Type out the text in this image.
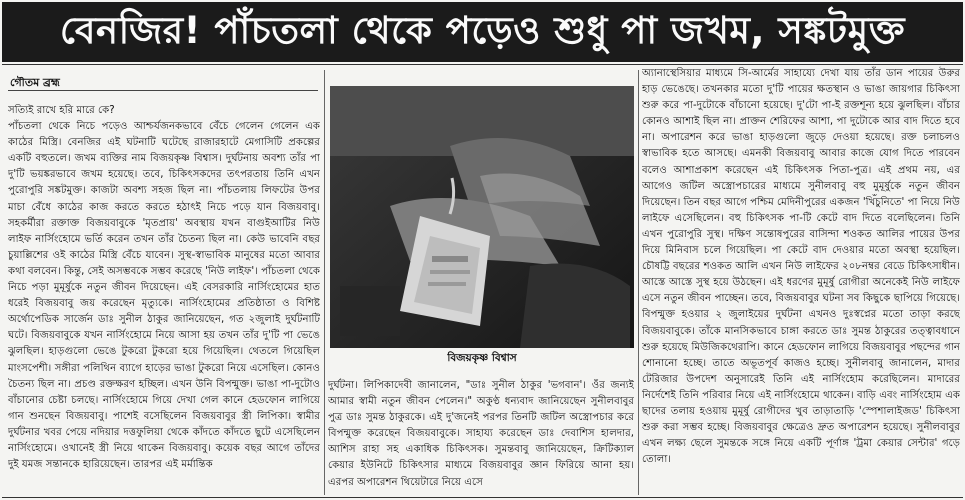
বেনজির! পাঁচতলা থেকে পড়েও শুধু পা জখম, সঙ্কটমুক্ত
গৌতম ব্রহ্ম

সত্যিই রাখে হরি মারে কে?

পাঁচতলা থেকে নিচে পড়েও আশ্চর্যজনকভাবে বেঁচে গেলেন গেলেন এক কাঠের মিস্ত্রি। বেনজির এই ঘটনাটি ঘটেছে রাজারহাটে মেগাসিটি প্রকল্পের একটি বহুতলে। জখম ব্যক্তির নাম বিজয়কৃষ্ণ বিশ্বাস। দুর্ঘটনায় অবশ্য তাঁর পা দু'টি ভয়ঙ্করভাবে জখম হয়েছে। তবে, চিকিৎসকদের তৎপরতায় তিনি এখন পুরোপুরি সঙ্কটমুক্ত। কাজটা অবশ্য সহজ ছিল না। পাঁচতলায় লিফটের উপর মাচা বেঁধে কাঠের কাজ করতে করতে হঠাৎই নিচে পড়ে যান বিজয়বাবু। সহকর্মীরা রক্তাক্ত বিজয়বাবুকে 'মৃতপ্রায়' অবস্থায় যখন বাগুইআটির নিউ লাইফ নার্সিংহোমে ভর্তি করেন তখন তাঁর চৈতন্য ছিল না। কেউ ভাবেনি বছর চুয়াল্লিশের ওই কাঠের মিস্ত্রি বেঁচে যাবেন। সুস্থ-স্বাভাবিক মানুষের মতো আবার কথা বলবেন। কিন্তু, সেই অসম্ভবকে সম্ভব করেছে 'নিউ লাইফ'। পাঁচতলা থেকে নিচে পড়া মুমূর্ষুকে নতুন জীবন দিয়েছেন। এই বেসরকারি নার্সিংহোমের হাত ধরেই বিজয়বাবু জয় করেছেন মৃত্যুকে। নার্সিংহোমের প্রতিষ্ঠাতা ও বিশিষ্ট অর্থোপেডিক সার্জেন ডাঃ সুনীল ঠাকুর জানিয়েছেন, গত ২জুলাই দুর্ঘটনাটি ঘটে। বিজয়বাবুকে যখন নার্সিংহোমে নিয়ে আসা হয় তখন তাঁর দু'টি পা ভেঙে ঝুলছিল। হাড়গুলো ভেঙে টুকরো টুকরো হয়ে গিয়েছিল। থেতলে গিয়েছিল মাংসপেশী। সঙ্গীরা পলিথিন ব্যাগে হাড়ের ভাঙা টুকরো নিয়ে এসেছিল। কোনও চৈতন্য ছিল না। প্রচণ্ড রক্তক্ষরণ হচ্ছিল। এখন উনি বিপন্মুক্ত। ভাঙা পা-দুটোও বাঁচানোর চেষ্টা চলছে। নার্সিংহোমে গিয়ে দেখা গেল কানে হেডফোন লাগিয়ে গান শুনছেন বিজয়বাবু। পাশেই বসেছিলেন বিজয়বাবুর স্ত্রী লিপিকা। স্বামীর দুর্ঘটনার খবর পেয়ে নদিয়ার দত্তফুলিয়া থেকে কাঁদতে কাঁদতে ছুটে এসেছিলেন নার্সিংহোমে। ওখানেই স্ত্রী নিয়ে থাকেন বিজয়বাবু। কয়েক বছর আগে তাঁদের দুই যমজ সন্তানকে হারিয়েছেন। তারপর এই মর্মান্তিক

বিজয়কৃষ্ণ বিশ্বাস

দুর্ঘটনা। লিপিকাদেবী জানালেন, "ডাঃ সুনীল ঠাকুর 'ভগবান'। ওঁর জন্যই আমার স্বামী নতুন জীবন পেলেন।" অকুণ্ঠ ধন্যবাদ জানিয়েছেন সুনীলবাবুর পুত্র ডাঃ সুমন্ত ঠাকুরকে। এই দু'জনেই পরপর তিনটি জটিল অস্ত্রোপচার করে বিপন্মুক্ত করেছেন বিজয়বাবুকে। সাহায্য করেছেন ডাঃ দেবাশিস হালদার, আশিস রাহা সহ একাধিক চিকিৎসক। সুমন্তবাবু জানিয়েছেন, ক্রিটিক্যাল কেয়ার ইউনিটে চিকিৎসার মাধ্যমে বিজয়বাবুর জ্ঞান ফিরিয়ে আনা হয়। এরপর অপারেশন থিয়েটারে নিয়ে এসে

অ্যানাস্থেসিয়ার মাধ্যমে সি-আর্মের সাহায্যে দেখা যায় তাঁর ডান পায়ের উরুর হাড় ভেঙেছে। তখনকার মতো দু'টি পায়ের ক্ষতস্থান ও ভাঙা জায়গার চিকিৎসা শুরু করে পা-দুটোকে বাঁচানো হয়েছে। দু'টো পা-ই রক্তশূন্য হয়ে ঝুলছিল। বাঁচার কোনও আশাই ছিল না। প্রাক্তন শেরিফের আশা, পা দুটোকে আর বাদ দিতে হবে না। অপারেশন করে ভাঙা হাড়গুলো জুড়ে দেওয়া হয়েছে। রক্ত চলাচলও স্বাভাবিক হতে আসছে। এমনকী বিজয়বাবু আবার কাজে যোগ দিতে পারবেন বলেও আশাপ্রকাশ করেছেন এই চিকিৎসক পিতা-পুত্র। এই প্রথম নয়, এর আগেও জটিল অস্ত্রোপচারের মাধ্যমে সুনীলবাবু বহু মুমূর্ষুকে নতুন জীবন দিয়েছেন। তিন বছর আগে পশ্চিম মেদিনীপুরের একজন 'খিঁচুনিতে' পা নিয়ে নিউ লাইফে এসেছিলেন। বহু চিকিৎসক পা-টি কেটে বাদ দিতে বলেছিলেন। তিনি এখন পুরোপুরি সুস্থ। দক্ষিণ সন্তোষপুরের বাসিন্দা শওকত আলির পায়ের উপর দিয়ে মিনিবাস চলে গিয়েছিল। পা কেটে বাদ দেওয়ার মতো অবস্থা হয়েছিল। চৌষট্টি বছরের শওকত আলি এখন নিউ লাইফের ২০৮নম্বর বেডে চিকিৎসাধীন। আস্তে আস্তে সুস্থ হয়ে উঠছেন। এই ধরণের মুমূর্ষু রোগীরা অনেকেই নিউ লাইফে এসে নতুন জীবন পাচ্ছেন। তবে, বিজয়বাবুর ঘটনা সব কিছুকে ছাপিয়ে গিয়েছে। বিপন্মুক্ত হওয়ার ২ জুলাইয়ের দুর্ঘটনা এখনও দুঃস্বপ্নের মতো তাড়া করছে বিজয়বাবুকে। তাঁকে মানসিকভাবে চাঙ্গা করতে ডাঃ সুমন্ত ঠাকুরের তত্ত্বাবধানে শুরু হয়েছে মিউজিকথেরাপি। কানে হেডফোন লাগিয়ে বিজয়বাবুর পছন্দের গান শোনানো হচ্ছে। তাতে অভূতপূর্ব কাজও হচ্ছে। সুনীলবাবু জানালেন, মাদার টেরিজার উপদেশ অনুসারেই তিনি এই নার্সিংহোম করেছিলেন। মাদারের নির্দেশেই তিনি পরিবার নিয়ে এই নার্সিংহোমে থাকেন। বাড়ি এবং নার্সিংহোম এক ছাদের তলায় হওয়ায় মুমূর্ষু রোগীদের খুব তাড়াতাড়ি 'স্পেশালাইজড' চিকিৎসা শুরু করা সম্ভব হচ্ছে। বিজয়বাবুর ক্ষেত্রেও দ্রুত অপারেশন হয়েছে। সুনীলবাবুর এখন লক্ষ্য ছেলে সুমন্তকে সঙ্গে নিয়ে একটি পূর্ণাঙ্গ 'ট্রমা কেয়ার সেন্টার' গড়ে তোলা।
